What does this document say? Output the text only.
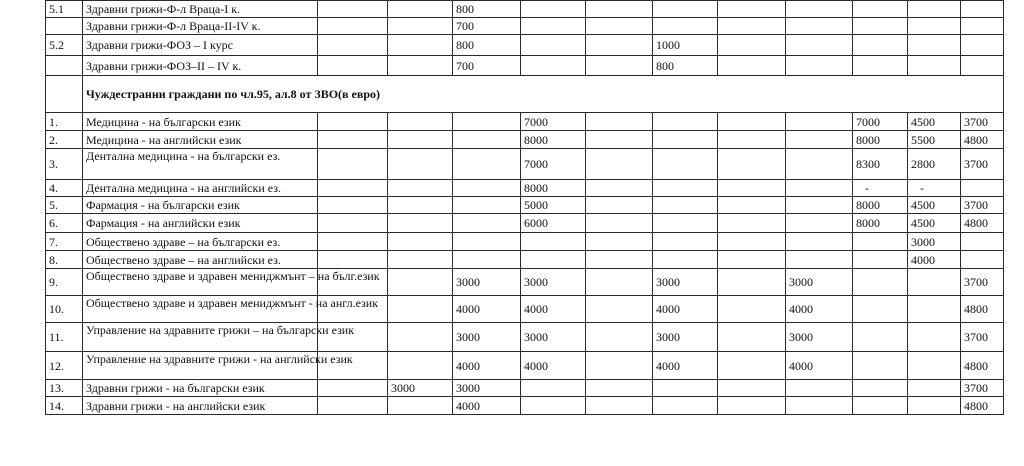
5.1	Здравни грижи-Ф-л Враца-І к.			800									
	Здравни грижи-Ф-л Враца-II-IV к.			700									
5.2	Здравни грижи-ФОЗ – І курс			800			1000						
	Здравни грижи-ФОЗ–II – IV к.			700			800						
	Чуждестранни граждани по чл.95, ал.8 от ЗВО(в евро)												
1.	Медицина - на български език				7000					7000	4500	3700	
2.	Медицина - на английски език				8000					8000	5500	4800	
3.	Дентална медицина - на български ез.				7000					8300	2800	3700	
4.	Дентална медицина - на английски ез.				8000					-	-		
5.	Фармация - на български език				5000					8000	4500	3700	
6.	Фармация - на английски език				6000					8000	4500	4800	
7.	Обществено здраве – на български ез.										3000		
8.	Обществено здраве – на английски ез.										4000		
9.	Обществено здраве и здравен мениджмънт – на бълг.език			3000	3000		3000		3000			3700	
10.	Обществено здраве и здравен мениджмънт - на англ.език			4000	4000		4000		4000			4800	
11.	Управление на здравните грижи – на български език			3000	3000		3000		3000			3700	
12.	Управление на здравните грижи - на английски език			4000	4000		4000		4000			4800	
13.	Здравни грижи - на български език		3000	3000								3700	
14.	Здравни грижи - на английски език			4000								4800	
